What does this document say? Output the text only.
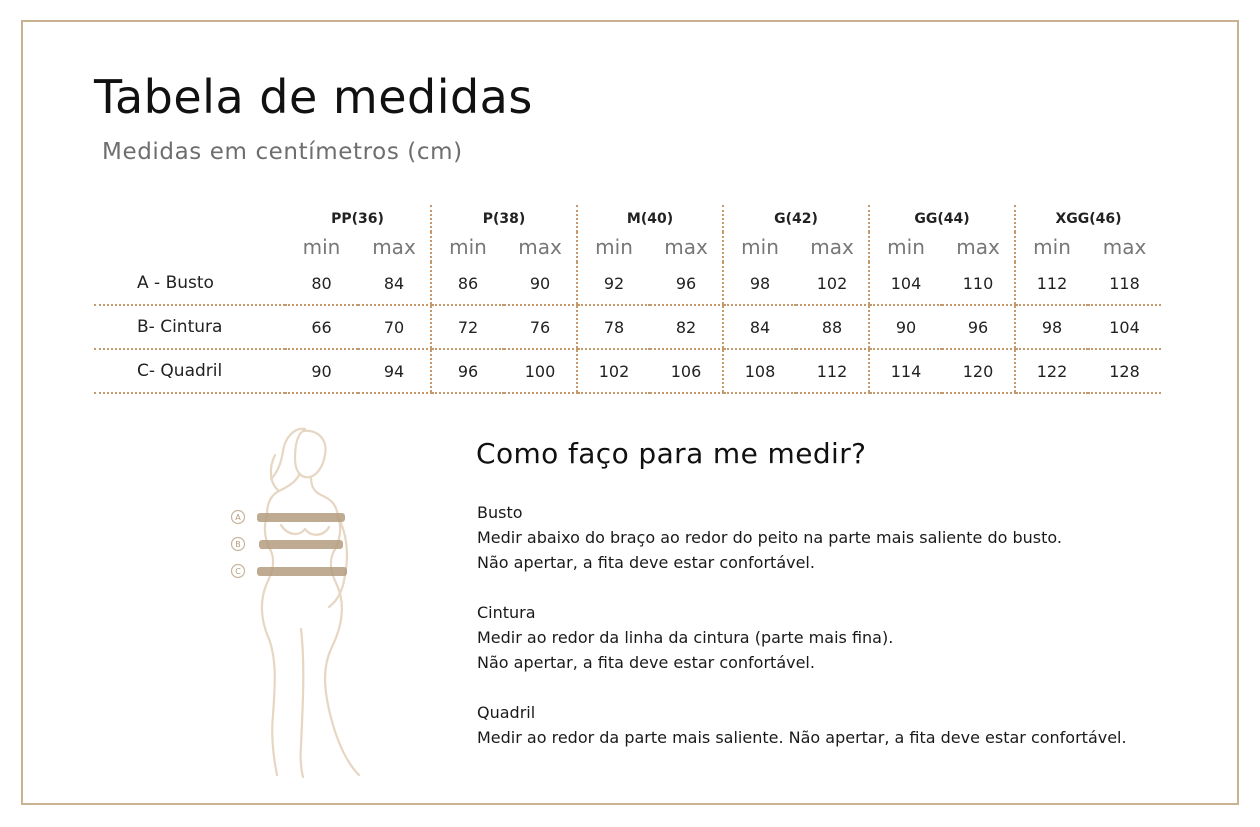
Tabela de medidas
Medidas em centímetros (cm)
	PP(36)		P(38)		M(40)		G(42)		GG(44)		XGG(46)	
	min	max	min	max	min	max	min	max	min	max	min	max
A - Busto	80	84	86	90	92	96	98	102	104	110	112	118
B- Cintura	66	70	72	76	78	82	84	88	90	96	98	104
C- Quadril	90	94	96	100	102	106	108	112	114	120	122	128
A
B
C
Como faço para me medir?

Busto

Medir abaixo do braço ao redor do peito na parte mais saliente do busto.

Não apertar, a fita deve estar confortável.

Cintura

Medir ao redor da linha da cintura (parte mais fina).

Não apertar, a fita deve estar confortável.

Quadril

Medir ao redor da parte mais saliente. Não apertar, a fita deve estar confortável.
